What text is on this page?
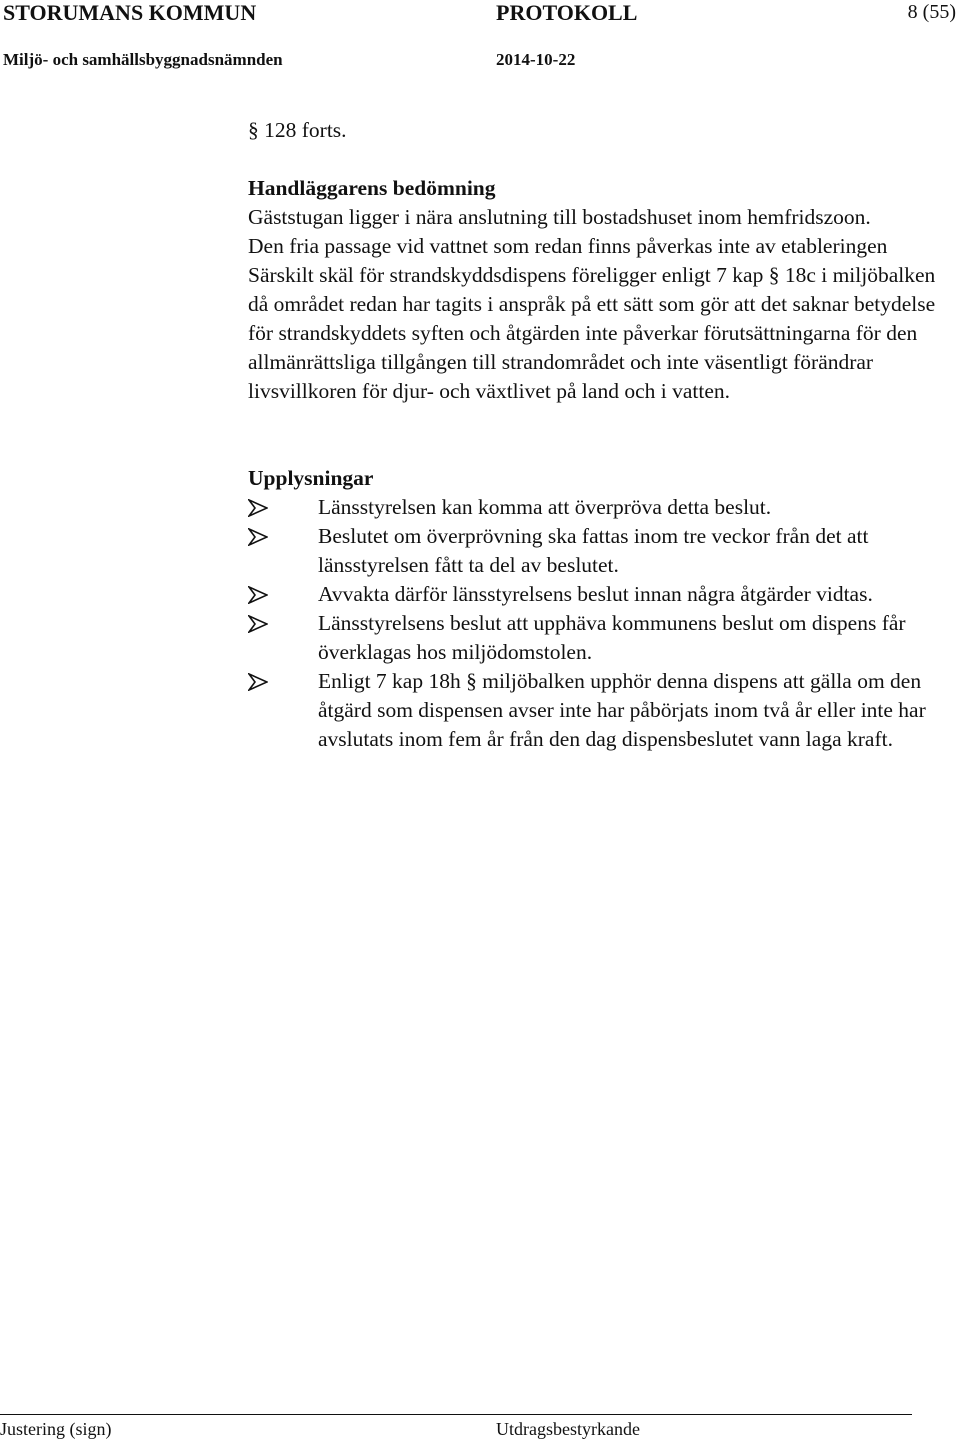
STORUMANS KOMMUN	PROTOKOLL	8 (55)
Miljö- och samhällsbyggnadsnämnden	2014-10-22

§ 128 forts.

Handläggarens bedömning

Gäststugan ligger i nära anslutning till bostadshuset inom hemfridszoon.

Den fria passage vid vattnet som redan finns påverkas inte av etableringen

Särskilt skäl för strandskyddsdispens föreligger enligt 7 kap § 18c i miljöbalken då området redan har tagits i anspråk på ett sätt som gör att det saknar betydelse för strandskyddets syften och åtgärden inte påverkar förutsättningarna för den allmänrättsliga tillgången till strandområdet och inte väsentligt förändrar livsvillkoren för djur- och växtlivet på land och i vatten.

Upplysningar

Länsstyrelsen kan komma att överpröva detta beslut.
Beslutet om överprövning ska fattas inom tre veckor från det att länsstyrelsen fått ta del av beslutet.
Avvakta därför länsstyrelsens beslut innan några åtgärder vidtas.
Länsstyrelsens beslut att upphäva kommunens beslut om dispens får överklagas hos miljödomstolen.
Enligt 7 kap 18h § miljöbalken upphör denna dispens att gälla om den åtgärd som dispensen avser inte har påbörjats inom två år eller inte har avslutats inom fem år från den dag dispensbeslutet vann laga kraft.
Justering (sign)	Utdragsbestyrkande
